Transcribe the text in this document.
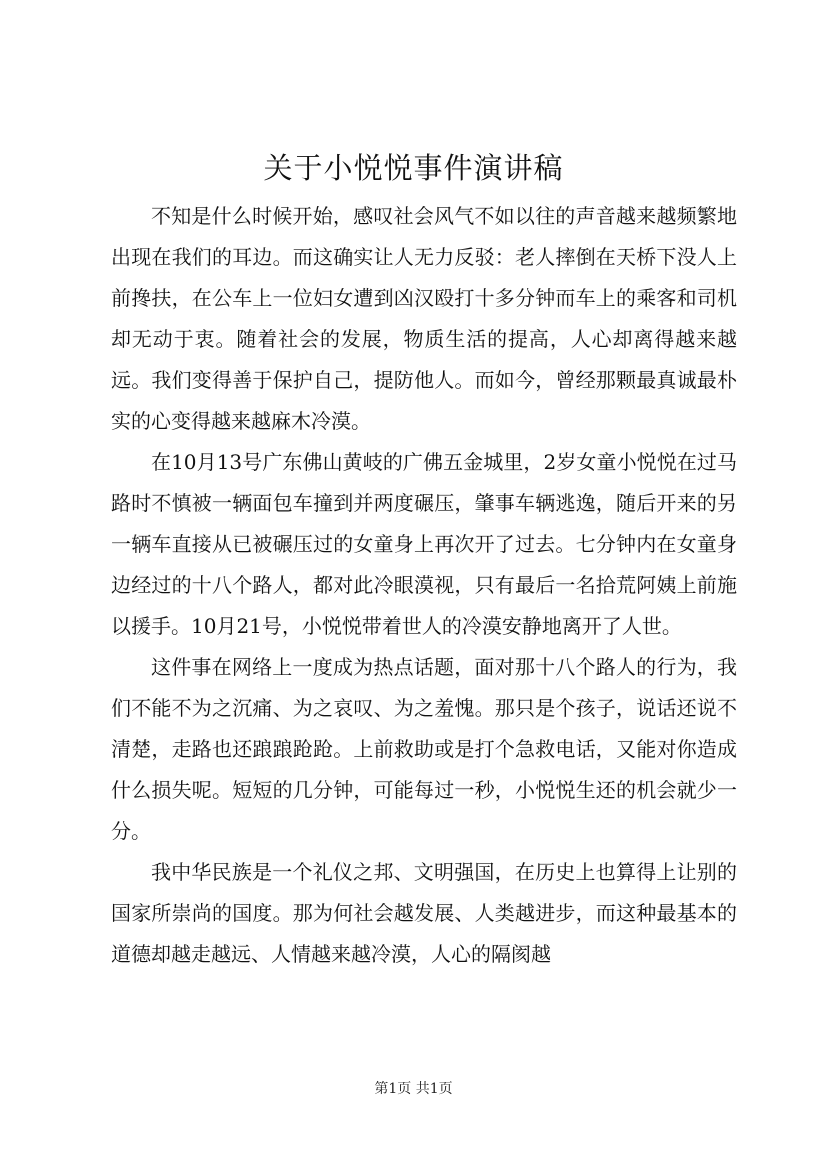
关于小悦悦事件演讲稿

不知是什么时候开始，感叹社会风气不如以往的声音越来越频繁地出现在我们的耳边。而这确实让人无力反驳：老人摔倒在天桥下没人上前搀扶，在公车上一位妇女遭到凶汉殴打十多分钟而车上的乘客和司机却无动于衷。随着社会的发展，物质生活的提高，人心却离得越来越远。我们变得善于保护自己，提防他人。而如今，曾经那颗最真诚最朴实的心变得越来越麻木冷漠。

在10月13号广东佛山黄岐的广佛五金城里，2岁女童小悦悦在过马路时不慎被一辆面包车撞到并两度碾压，肇事车辆逃逸，随后开来的另一辆车直接从已被碾压过的女童身上再次开了过去。七分钟内在女童身边经过的十八个路人，都对此冷眼漠视，只有最后一名拾荒阿姨上前施以援手。10月21号，小悦悦带着世人的冷漠安静地离开了人世。

这件事在网络上一度成为热点话题，面对那十八个路人的行为，我们不能不为之沉痛、为之哀叹、为之羞愧。那只是个孩子，说话还说不清楚，走路也还踉踉跄跄。上前救助或是打个急救电话，又能对你造成什么损失呢。短短的几分钟，可能每过一秒，小悦悦生还的机会就少一分。

我中华民族是一个礼仪之邦、文明强国，在历史上也算得上让别的国家所崇尚的国度。那为何社会越发展、人类越进步，而这种最基本的道德却越走越远、人情越来越冷漠，人心的隔阂越

第1页 共1页
